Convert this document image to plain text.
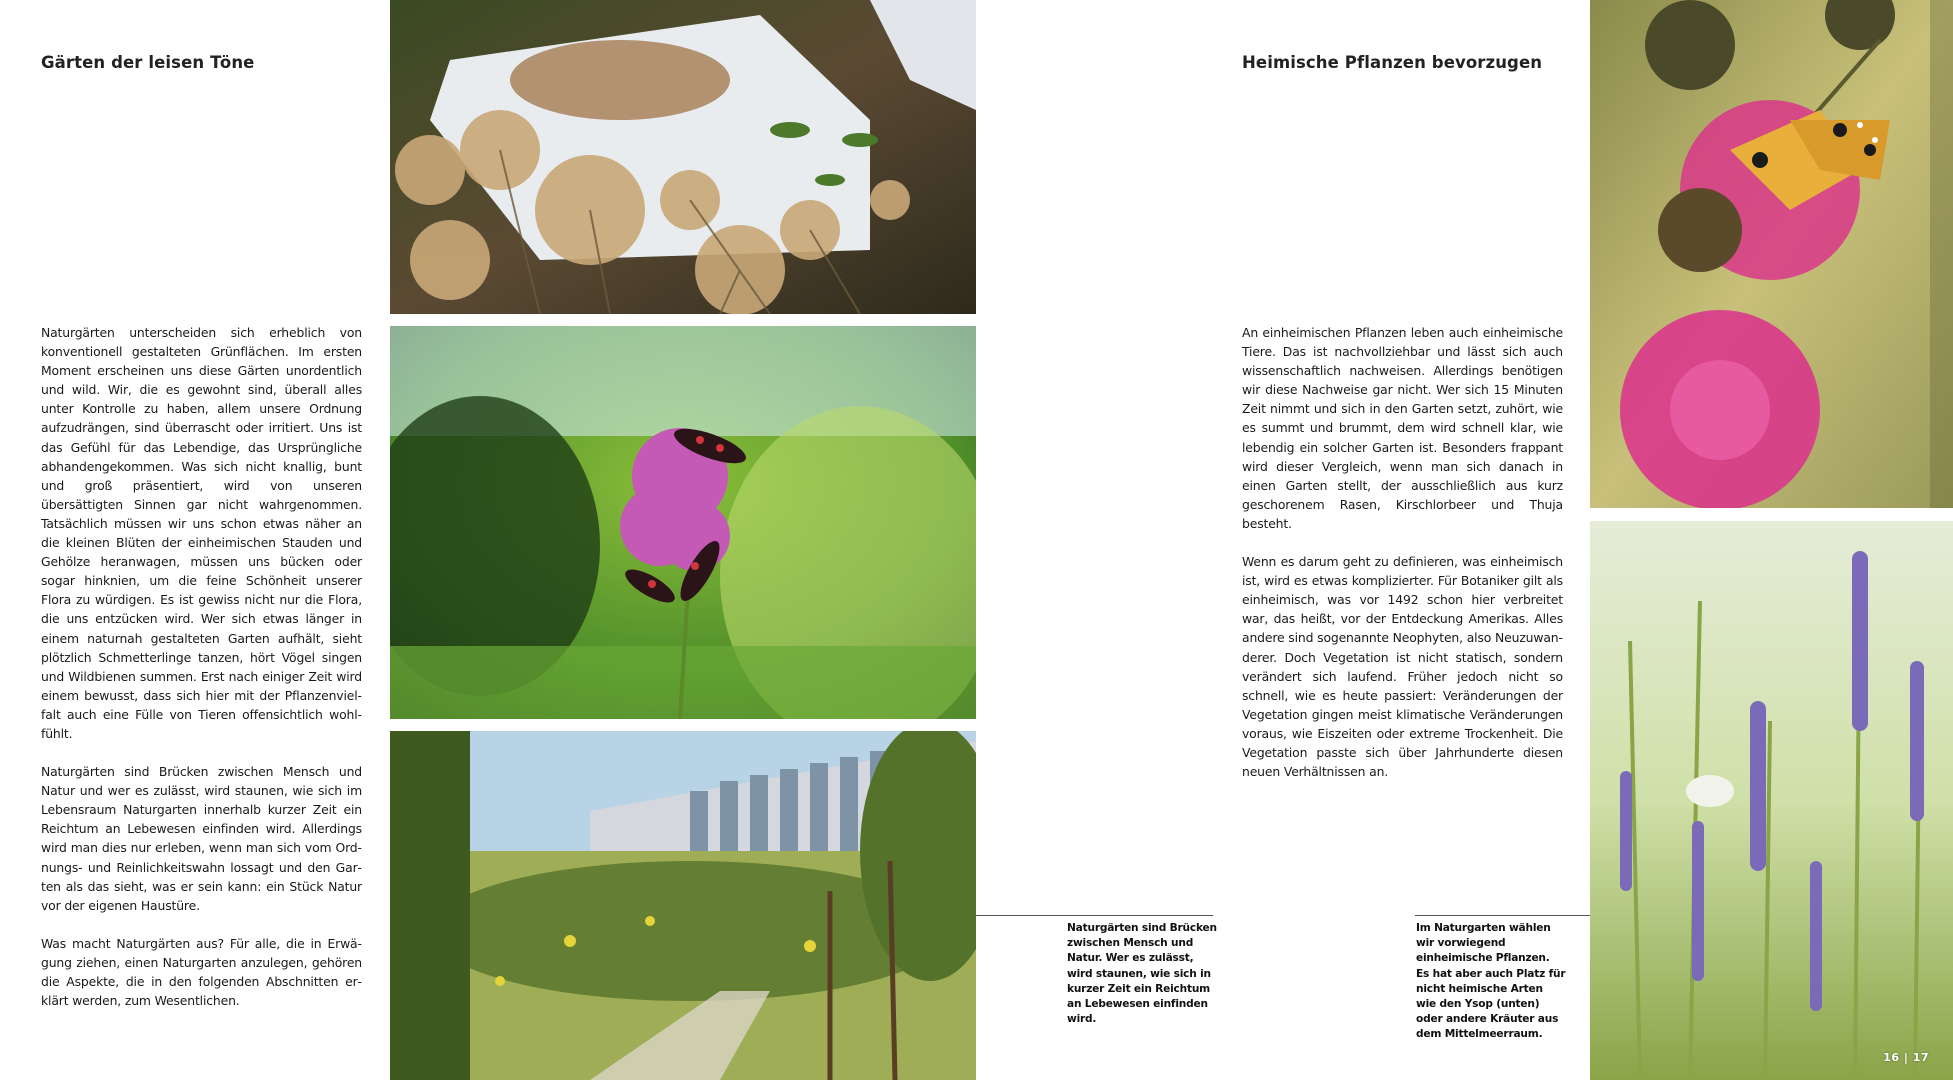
Gärten der leisen Töne

Naturgärten unterscheiden sich erheblich von konventionell gestalteten Grünflächen. Im ersten Moment erscheinen uns diese Gärten unordentlich und wild. Wir, die es gewohnt sind, überall alles unter Kontrolle zu haben, allem unsere Ordnung aufzudrängen, sind überrascht oder irritiert. Uns ist das Gefühl für das Lebendige, das Ursprüngliche abhandengekommen. Was sich nicht knallig, bunt und groß präsentiert, wird von unseren übersättigten Sinnen gar nicht wahrgenommen. Tatsächlich müssen wir uns schon etwas näher an die kleinen Blüten der einheimischen Stauden und Gehölze heranwagen, müssen uns bücken oder sogar hinknien, um die feine Schönheit unserer Flora zu würdigen. Es ist gewiss nicht nur die Flora, die uns entzücken wird. Wer sich etwas länger in einem naturnah gestalteten Garten aufhält, sieht plötzlich Schmetterlinge tanzen, hört Vögel singen und Wildbienen summen. Erst nach einiger Zeit wird einem bewusst, dass sich hier mit der Pflanzenvielfalt auch eine Fülle von Tieren offensichtlich wohlfühlt.

Naturgärten sind Brücken zwischen Mensch und Natur und wer es zulässt, wird staunen, wie sich im Lebensraum Naturgarten innerhalb kurzer Zeit ein Reichtum an Lebewesen einfinden wird. Allerdings wird man dies nur erleben, wenn man sich vom Ordnungs- und Reinlichkeitswahn lossagt und den Garten als das sieht, was er sein kann: ein Stück Natur vor der eigenen Haustüre.

Was macht Naturgärten aus? Für alle, die in Erwägung ziehen, einen Naturgarten anzulegen, gehören die Aspekte, die in den folgenden Abschnitten erklärt werden, zum Wesentlichen.

Naturgärten sind Brücken zwischen Mensch und Natur. Wer es zulässt, wird staunen, wie sich in kurzer Zeit ein Reichtum an Lebewesen einfinden wird.
Heimische Pflanzen bevorzugen

An einheimischen Pflanzen leben auch einheimische Tiere. Das ist nachvollziehbar und lässt sich auch wissenschaftlich nachweisen. Allerdings benötigen wir diese Nachweise gar nicht. Wer sich 15 Minuten Zeit nimmt und sich in den Garten setzt, zuhört, wie es summt und brummt, dem wird schnell klar, wie lebendig ein solcher Garten ist. Besonders frappant wird dieser Vergleich, wenn man sich danach in einen Garten stellt, der ausschließlich aus kurz geschorenem Rasen, Kirschlorbeer und Thuja besteht.

Wenn es darum geht zu definieren, was einheimisch ist, wird es etwas komplizierter. Für Botaniker gilt als einheimisch, was vor 1492 schon hier verbreitet war, das heißt, vor der Entdeckung Amerikas. Alles andere sind sogenannte Neophyten, also Neuzuwanderer. Doch Vegetation ist nicht statisch, sondern verändert sich laufend. Früher jedoch nicht so schnell, wie es heute passiert: Veränderungen der Vegetation gingen meist klimatische Veränderungen voraus, wie Eiszeiten oder extreme Trockenheit. Die Vegetation passte sich über Jahrhunderte diesen neuen Verhältnissen an.

Im Naturgarten wählen wir vorwiegend einheimische Pflanzen. Es hat aber auch Platz für nicht heimische Arten wie den Ysop (unten) oder andere Kräuter aus dem Mittelmeerraum.
16 | 17
